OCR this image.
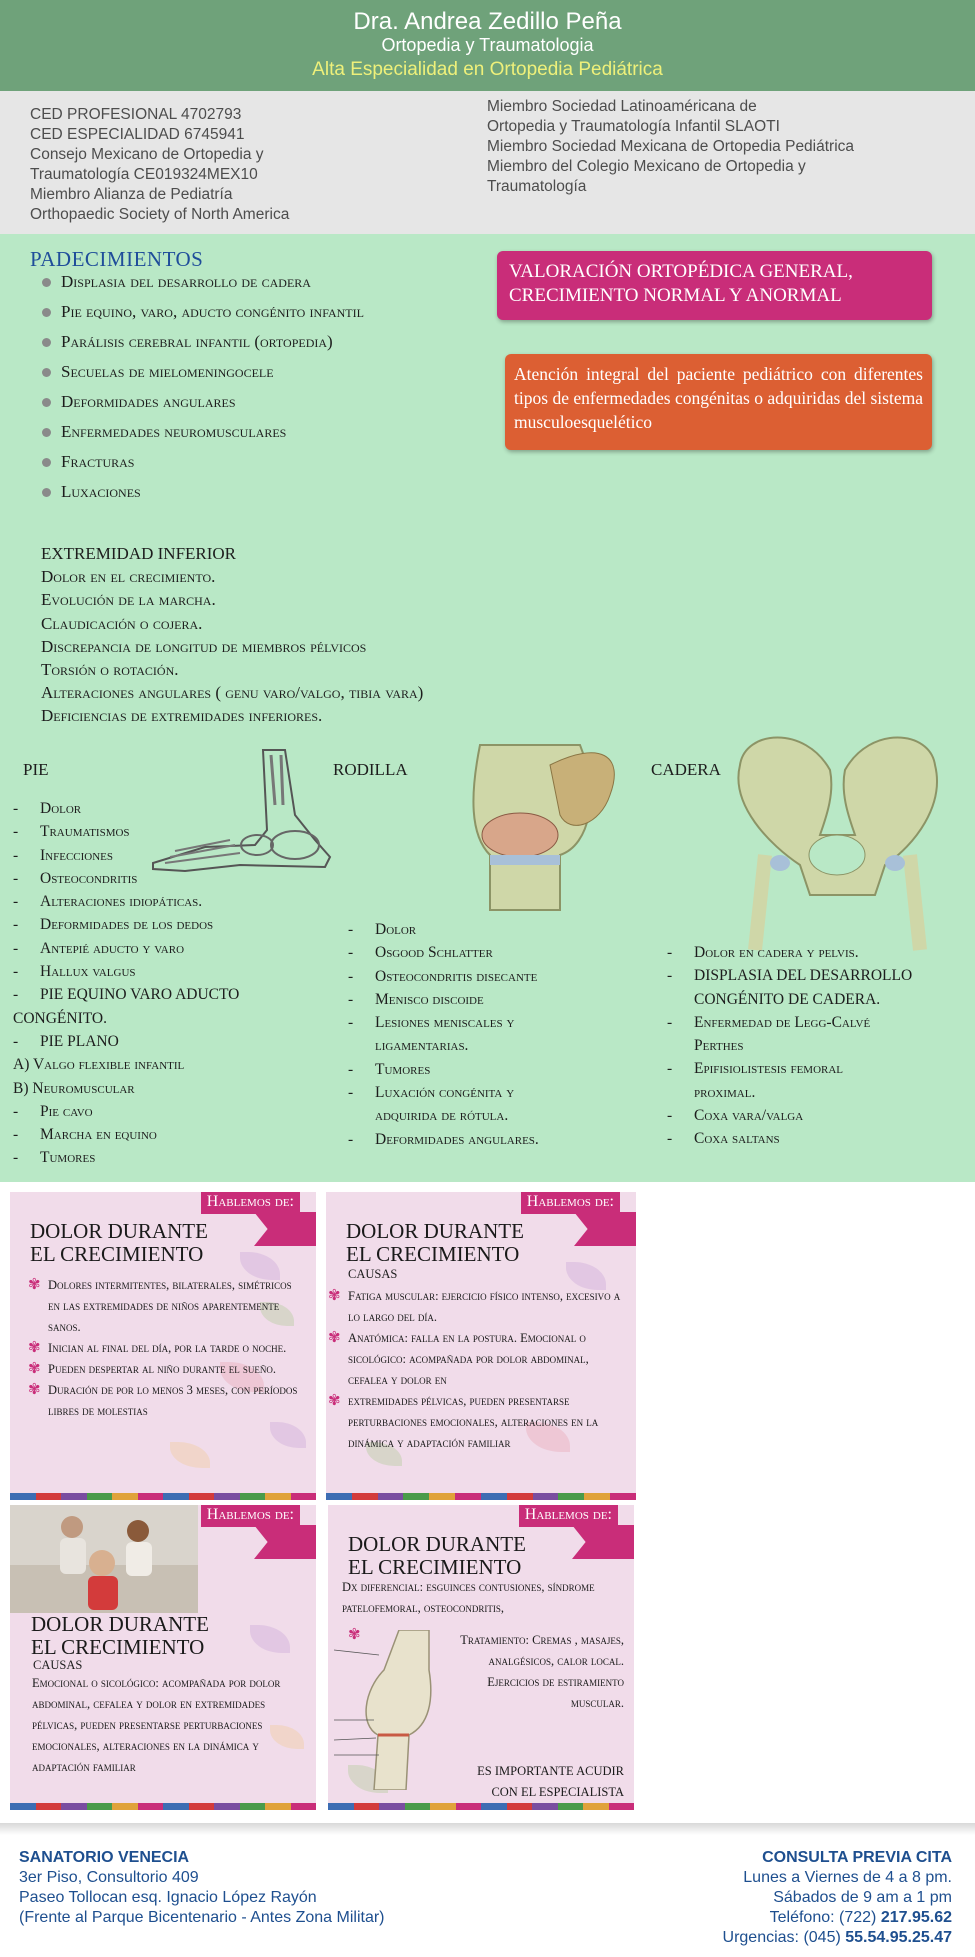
Dra. Andrea Zedillo Peña
Ortopedia y Traumatologia
Alta Especialidad en Ortopedia Pediátrica
CED PROFESIONAL 4702793
CED ESPECIALIDAD 6745941
Consejo Mexicano de Ortopedia y
Traumatología CE019324MEX10
Miembro Alianza de Pediatría
Orthopaedic Society of North America
Miembro Sociedad Latinoaméricana de
Ortopedia y Traumatología Infantil SLAOTI
Miembro Sociedad Mexicana de Ortopedia Pediátrica
Miembro del Colegio Mexicano de Ortopedia y
Traumatología
PADECIMIENTOS
Displasia del desarrollo de cadera
Pie equino, varo, aducto congénito infantil
Parálisis cerebral infantil (ortopedia)
Secuelas de mielomeningocele
Deformidades angulares
Enfermedades neuromusculares
Fracturas
Luxaciones
VALORACIÓN ORTOPÉDICA GENERAL, CRECIMIENTO NORMAL Y ANORMAL
Atención integral del paciente pediátrico con diferentes tipos de enfermedades congénitas o adquiridas del sistema musculoesquelético
EXTREMIDAD INFERIOR
Dolor en el crecimiento.
Evolución de la marcha.
Claudicación o cojera.
Discrepancia de longitud de miembros pélvicos
Torsión o rotación.
Alteraciones angulares ( genu varo/valgo, tibia vara)
Deficiencias de extremidades inferiores.
PIE
- Dolor
- Traumatismos
- Infecciones
- Osteocondritis
- Alteraciones idiopáticas.
- Deformidades de los dedos
- Antepié aducto y varo
- Hallux valgus
- PIE EQUINO VARO ADUCTO
CONGÉNITO.
- PIE PLANO
A) Valgo flexible infantil
B) Neuromuscular
- Pie cavo
- Marcha en equino
- Tumores
RODILLA
- Dolor
- Osgood Schlatter
- Osteocondritis disecante
- Menisco discoide
- Lesiones meniscales y
ligamentarias.
- Tumores
- Luxación congénita y
adquirida de rótula.
- Deformidades angulares.
CADERA
- Dolor en cadera y pelvis.
- DISPLASIA DEL DESARROLLO
CONGÉNITO DE CADERA.
- Enfermedad de Legg-Calvé
Perthes
- Epifisiolistesis femoral
proximal.
- Coxa vara/valga
- Coxa saltans
Hablemos de:
DOLOR DURANTE
EL CRECIMIENTO
✾ Dolores intermitentes, bilaterales, simétricos en las extremidades de niños aparentemente sanos.
✾ Inician al final del día, por la tarde o noche.
✾ Pueden despertar al niño durante el sueño.
✾ Duración de por lo menos 3 meses, con períodos libres de molestias
Hablemos de:
DOLOR DURANTE
EL CRECIMIENTO
CAUSAS
✾ Fatiga muscular: ejercicio físico intenso, excesivo a lo largo del día.
✾ Anatómica: falla en la postura. Emocional o sicológico: acompañada por dolor abdominal, cefalea y dolor en
✾ extremidades pélvicas, pueden presentarse perturbaciones emocionales, alteraciones en la dinámica y adaptación familiar
Hablemos de:
DOLOR DURANTE
EL CRECIMIENTO
CAUSAS
Emocional o sicológico: acompañada por dolor abdominal, cefalea y dolor en extremidades pélvicas, pueden presentarse perturbaciones emocionales, alteraciones en la dinámica y adaptación familiar
Hablemos de:
DOLOR DURANTE
EL CRECIMIENTO
Dx diferencial: esguinces contusiones, síndrome patelofemoral, osteocondritis,
✾	Tratamiento: Cremas , masajes, analgésicos, calor local. Ejercicios de estiramiento muscular.
ES IMPORTANTE ACUDIR CON EL ESPECIALISTA
SANATORIO VENECIA
3er Piso, Consultorio 409
Paseo Tollocan esq. Ignacio López Rayón
(Frente al Parque Bicentenario - Antes Zona Militar)
CONSULTA PREVIA CITA
Lunes a Viernes de 4 a 8 pm.
Sábados de 9 am a 1 pm
Teléfono: (722) 217.95.62
Urgencias: (045) 55.54.95.25.47
